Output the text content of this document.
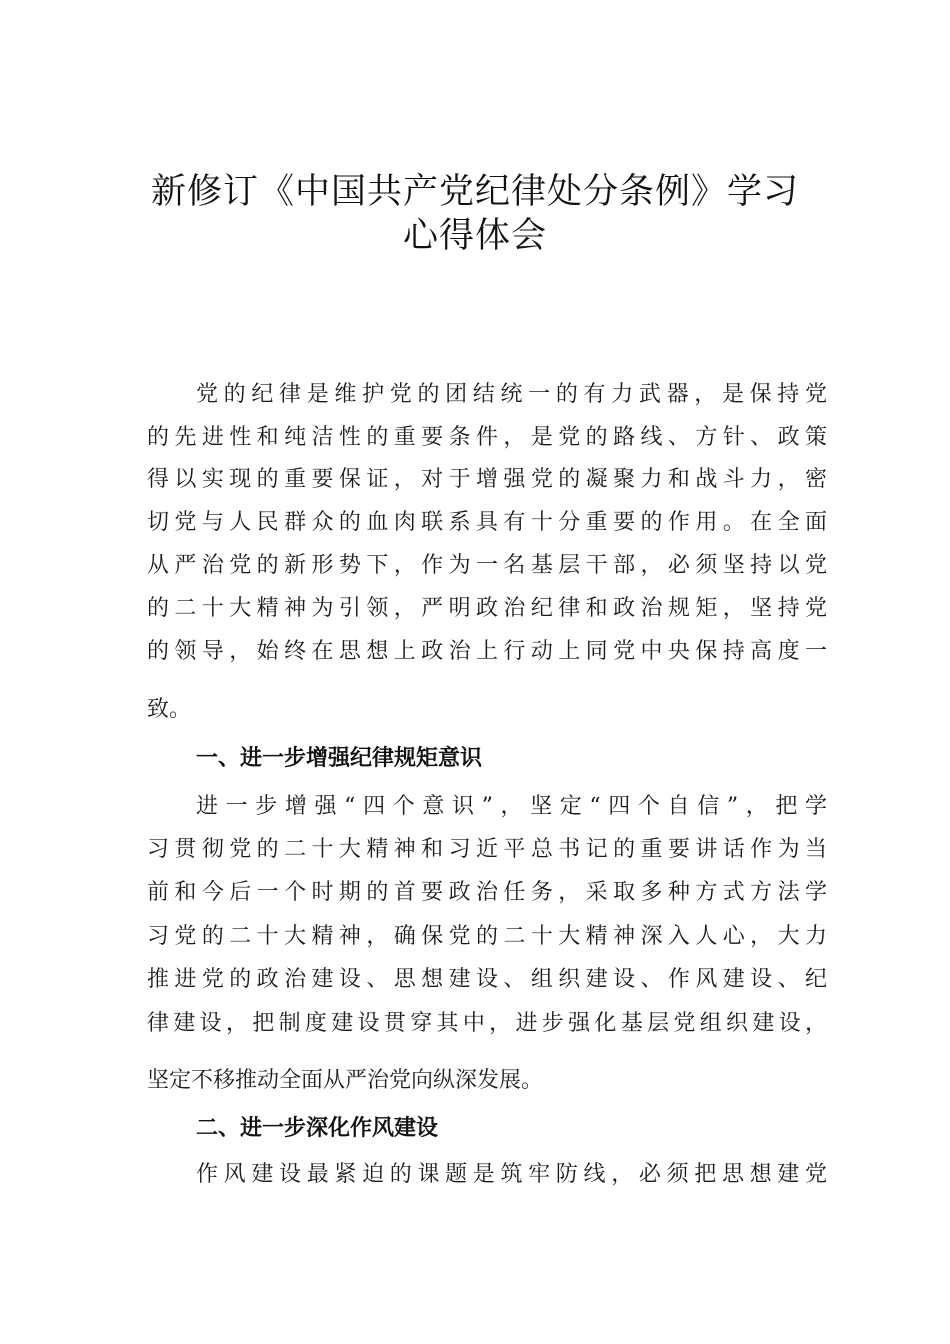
新修订《中国共产党纪律处分条例》学习
心得体会
党的纪律是维护党的团结统一的有力武器，是保持党
的先进性和纯洁性的重要条件，是党的路线、方针、政策
得以实现的重要保证，对于增强党的凝聚力和战斗力，密
切党与人民群众的血肉联系具有十分重要的作用。在全面
从严治党的新形势下，作为一名基层干部，必须坚持以党
的二十大精神为引领，严明政治纪律和政治规矩，坚持党
的领导，始终在思想上政治上行动上同党中央保持高度一
致。
一、进一步增强纪律规矩意识
进一步增强“四个意识”，坚定“四个自信”，把学
习贯彻党的二十大精神和习近平总书记的重要讲话作为当
前和今后一个时期的首要政治任务，采取多种方式方法学
习党的二十大精神，确保党的二十大精神深入人心，大力
推进党的政治建设、思想建设、组织建设、作风建设、纪
律建设，把制度建设贯穿其中，进步强化基层党组织建设，
坚定不移推动全面从严治党向纵深发展。
二、进一步深化作风建设
作风建设最紧迫的课题是筑牢防线，必须把思想建党
